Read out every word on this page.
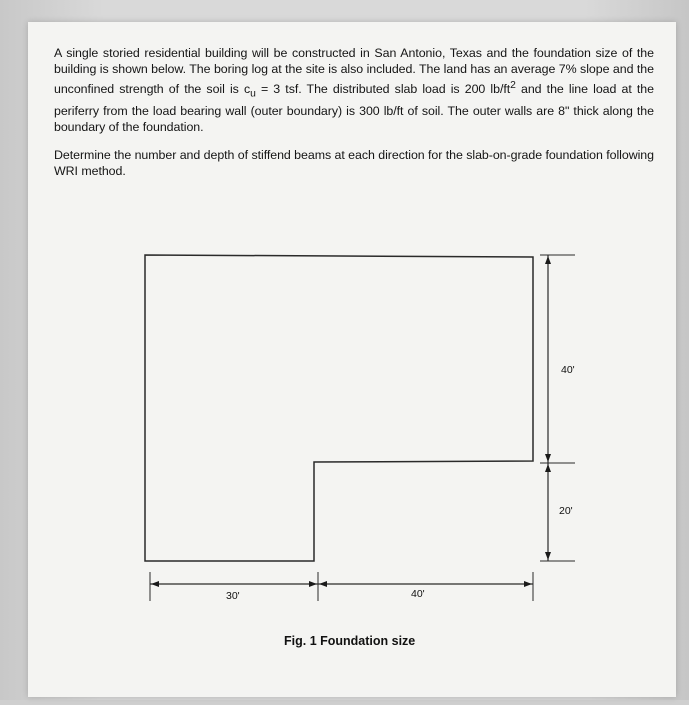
A single storied residential building will be constructed in San Antonio, Texas and the foundation size of the building is shown below. The boring log at the site is also included. The land has an average 7% slope and the unconfined strength of the soil is $c_u = 3$ tsf. The distributed slab load is 200 $lb/ft^2$ and the line load at the periferry from the load bearing wall (outer boundary) is 300 lb/ft of soil. The outer walls are 8" thick along the boundary of the foundation.

Determine the number and depth of stiffend beams at each direction for the slab-on-grade foundation following WRI method.

40'
20'
30'	40'
Fig. 1 Foundation size
